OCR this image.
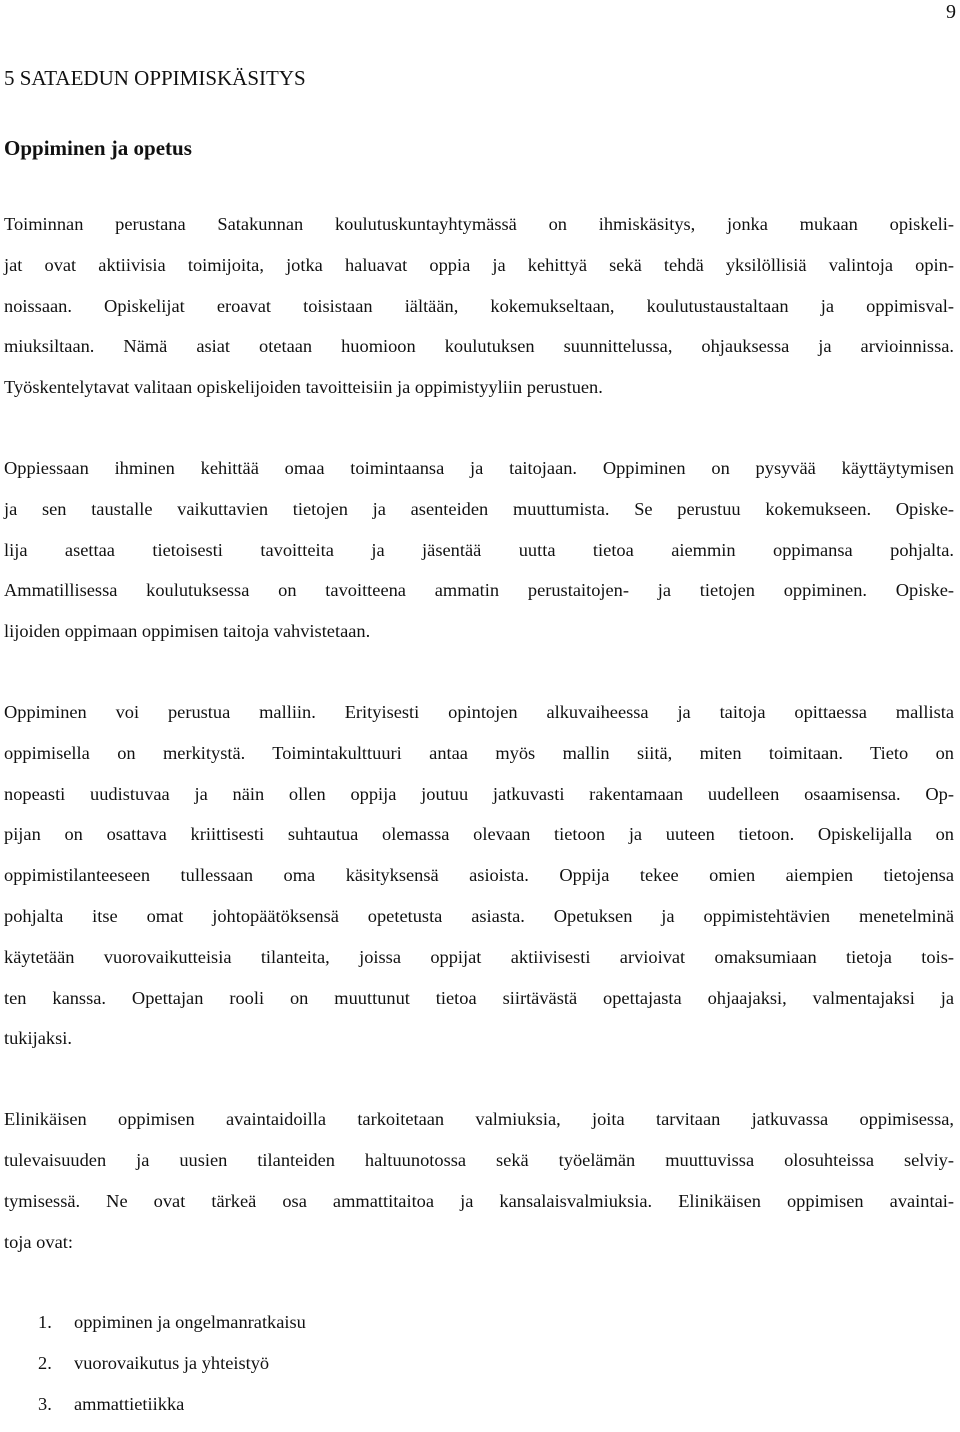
9
5 SATAEDUN OPPIMISKÄSITYS
Oppiminen ja opetus
Toiminnan perustana Satakunnan koulutuskuntayhtymässä on ihmiskäsitys, jonka mukaan opiskeli-
jat ovat aktiivisia toimijoita, jotka haluavat oppia ja kehittyä sekä tehdä yksilöllisiä valintoja opin-
noissaan. Opiskelijat eroavat toisistaan iältään, kokemukseltaan, koulutustaustaltaan ja oppimisval-
miuksiltaan. Nämä asiat otetaan huomioon koulutuksen suunnittelussa, ohjauksessa ja arvioinnissa.
Työskentelytavat valitaan opiskelijoiden tavoitteisiin ja oppimistyyliin perustuen.
Oppiessaan ihminen kehittää omaa toimintaansa ja taitojaan. Oppiminen on pysyvää käyttäytymisen
ja sen taustalle vaikuttavien tietojen ja asenteiden muuttumista. Se perustuu kokemukseen. Opiske-
lija asettaa tietoisesti tavoitteita ja jäsentää uutta tietoa aiemmin oppimansa pohjalta.
Ammatillisessa koulutuksessa on tavoitteena ammatin perustaitojen- ja tietojen oppiminen. Opiske-
lijoiden oppimaan oppimisen taitoja vahvistetaan.
Oppiminen voi perustua malliin. Erityisesti opintojen alkuvaiheessa ja taitoja opittaessa mallista
oppimisella on merkitystä. Toimintakulttuuri antaa myös mallin siitä, miten toimitaan. Tieto on
nopeasti uudistuvaa ja näin ollen oppija joutuu jatkuvasti rakentamaan uudelleen osaamisensa. Op-
pijan on osattava kriittisesti suhtautua olemassa olevaan tietoon ja uuteen tietoon. Opiskelijalla on
oppimistilanteeseen tullessaan oma käsityksensä asioista. Oppija tekee omien aiempien tietojensa
pohjalta itse omat johtopäätöksensä opetetusta asiasta. Opetuksen ja oppimistehtävien menetelminä
käytetään vuorovaikutteisia tilanteita, joissa oppijat aktiivisesti arvioivat omaksumiaan tietoja tois-
ten kanssa. Opettajan rooli on muuttunut tietoa siirtävästä opettajasta ohjaajaksi, valmentajaksi ja
tukijaksi.
Elinikäisen oppimisen avaintaidoilla tarkoitetaan valmiuksia, joita tarvitaan jatkuvassa oppimisessa,
tulevaisuuden ja uusien tilanteiden haltuunotossa sekä työelämän muuttuvissa olosuhteissa selviy-
tymisessä. Ne ovat tärkeä osa ammattitaitoa ja kansalaisvalmiuksia. Elinikäisen oppimisen avaintai-
toja ovat:
1.	oppiminen ja ongelmanratkaisu
2.	vuorovaikutus ja yhteistyö
3.	ammattietiikka
